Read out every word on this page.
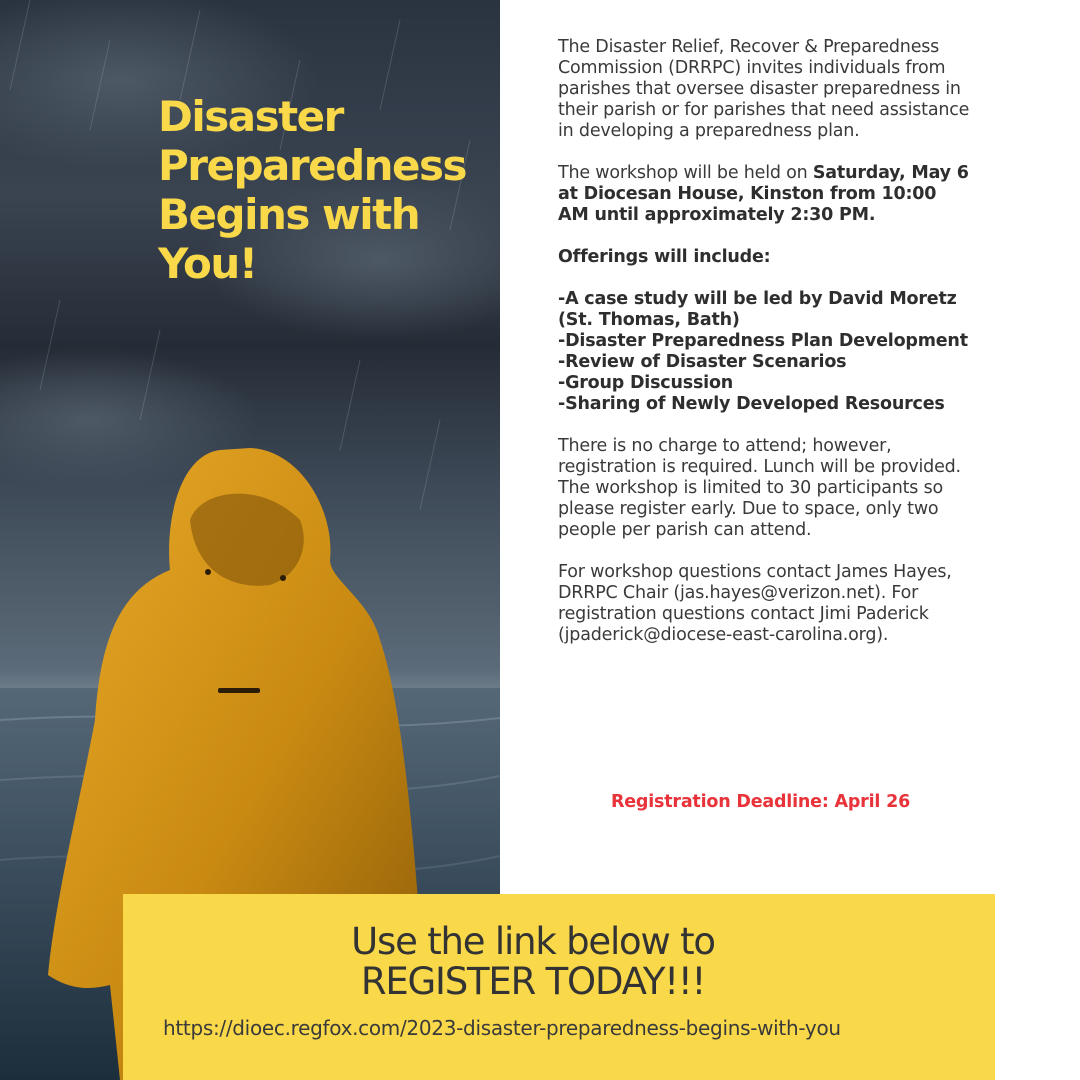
Disaster
Preparedness
Begins with
You!

The Disaster Relief, Recover & Preparedness Commission (DRRPC) invites individuals from parishes that oversee disaster preparedness in their parish or for parishes that need assistance in developing a preparedness plan.

The workshop will be held on Saturday, May 6 at Diocesan House, Kinston from 10:00 AM until approximately 2:30 PM.

Offerings will include:

-A case study will be led by David Moretz (St. Thomas, Bath)
-Disaster Preparedness Plan Development
-Review of Disaster Scenarios
-Group Discussion
-Sharing of Newly Developed Resources

There is no charge to attend; however, registration is required. Lunch will be provided. The workshop is limited to 30 participants so please register early. Due to space, only two people per parish can attend.

For workshop questions contact James Hayes, DRRPC Chair (jas.hayes@verizon.net). For registration questions contact Jimi Paderick (jpaderick@diocese-east-carolina.org).

Registration Deadline: April 26
Use the link below to
REGISTER TODAY!!!
https://dioec.regfox.com/2023-disaster-preparedness-begins-with-you
